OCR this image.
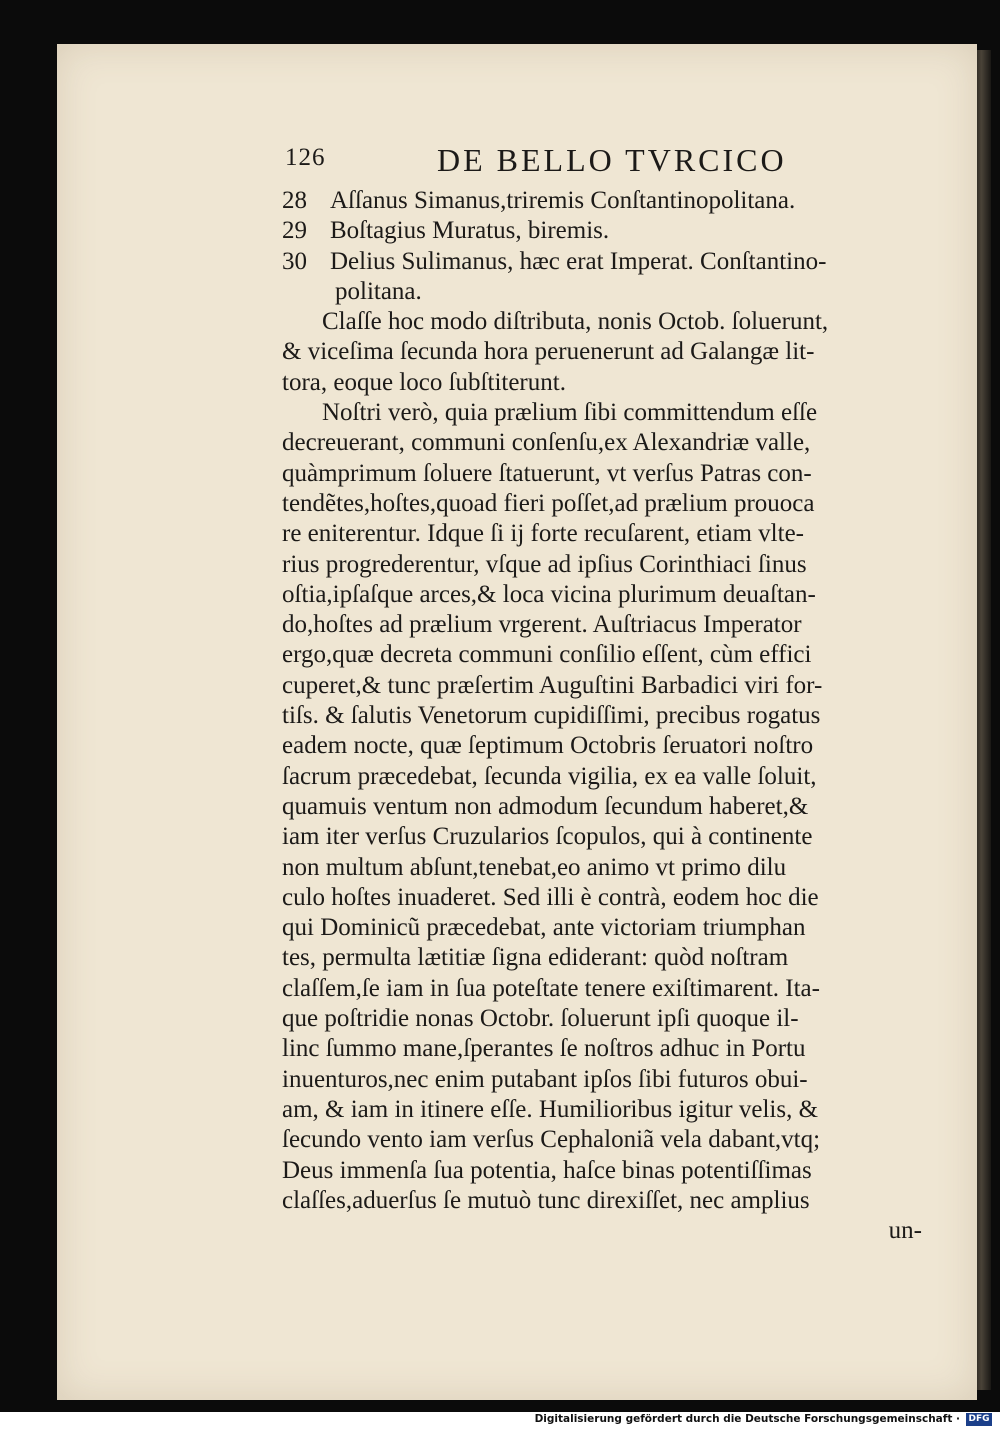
126	DE BELLO TVRCICO
28 Aſſanus Simanus,triremis Conſtantinopolitana.
29 Boſtagius Muratus, biremis.
30 Delius Sulimanus, hæc erat Imperat. Conſtantino-
politana.
Claſſe hoc modo diſtributa, nonis Octob. ſoluerunt,
& viceſima ſecunda hora peruenerunt ad Galangæ lit-
tora, eoque loco ſubſtiterunt.
Noſtri verò, quia prælium ſibi committendum eſſe
decreuerant, communi conſenſu,ex Alexandriæ valle,
quàmprimum ſoluere ſtatuerunt, vt verſus Patras con-
tendẽtes,hoſtes,quoad fieri poſſet,ad prælium prouoca
re eniterentur. Idque ſi ij forte recuſarent, etiam vlte-
rius progrederentur, vſque ad ipſius Corinthiaci ſinus
oſtia,ipſaſque arces,& loca vicina plurimum deuaſtan-
do,hoſtes ad prælium vrgerent. Auſtriacus Imperator
ergo,quæ decreta communi conſilio eſſent, cùm effici
cuperet,& tunc præſertim Auguſtini Barbadici viri for-
tiſs. & ſalutis Venetorum cupidiſſimi, precibus rogatus
eadem nocte, quæ ſeptimum Octobris ſeruatori noſtro
ſacrum præcedebat, ſecunda vigilia, ex ea valle ſoluit,
quamuis ventum non admodum ſecundum haberet,&
iam iter verſus Cruzularios ſcopulos, qui à continente
non multum abſunt,tenebat,eo animo vt primo dilu
culo hoſtes inuaderet. Sed illi è contrà, eodem hoc die
qui Dominicũ præcedebat, ante victoriam triumphan
tes, permulta lætitiæ ſigna ediderant: quòd noſtram
claſſem,ſe iam in ſua poteſtate tenere exiſtimarent. Ita-
que poſtridie nonas Octobr. ſoluerunt ipſi quoque il-
linc ſummo mane,ſperantes ſe noſtros adhuc in Portu
inuenturos,nec enim putabant ipſos ſibi futuros obui-
am, & iam in itinere eſſe. Humilioribus igitur velis, &
ſecundo vento iam verſus Cephaloniã vela dabant,vtq;
Deus immenſa ſua potentia, haſce binas potentiſſimas
claſſes,aduerſus ſe mutuò tunc direxiſſet, nec amplius
un-
Digitalisierung gefördert durch die Deutsche Forschungsgemeinschaft · DFG
